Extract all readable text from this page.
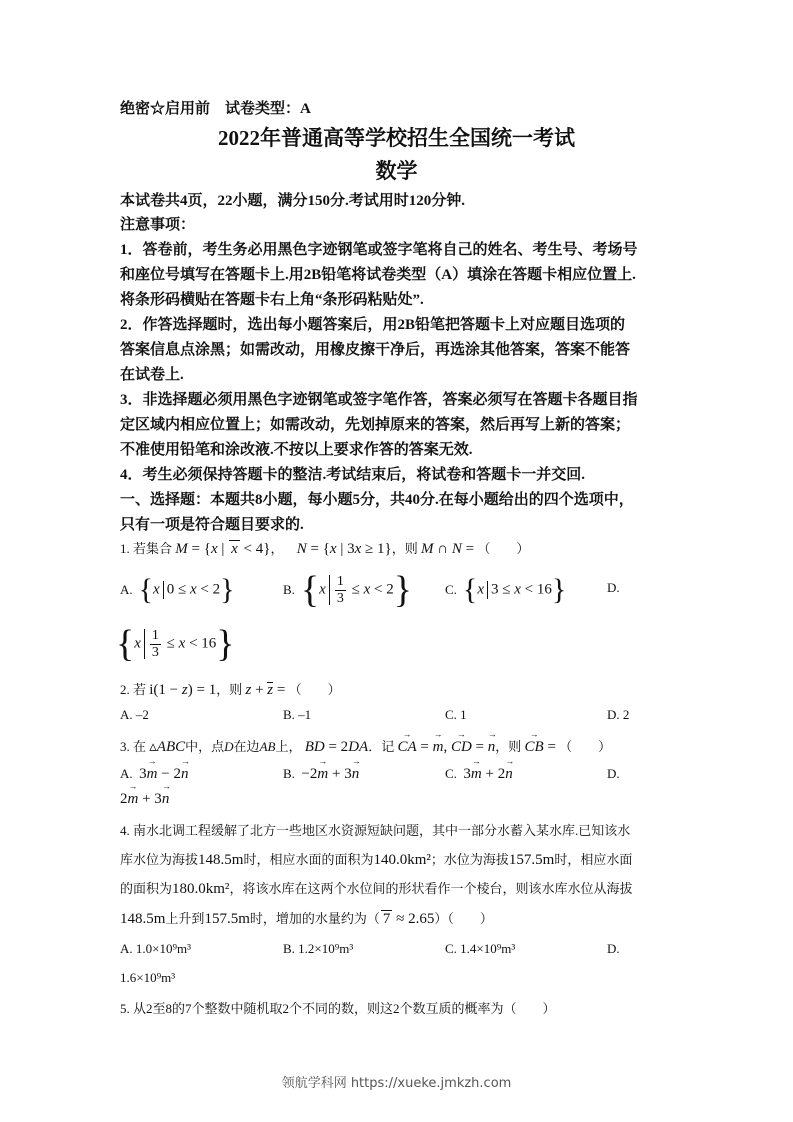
绝密☆启用前　试卷类型：A
2022年普通高等学校招生全国统一考试
数学
本试卷共4页，22小题，满分150分.考试用时120分钟.
注意事项：
1．答卷前，考生务必用黑色字迹钢笔或签字笔将自己的姓名、考生号、考场号
和座位号填写在答题卡上.用2B铅笔将试卷类型（A）填涂在答题卡相应位置上.
将条形码横贴在答题卡右上角“条形码粘贴处”.
2．作答选择题时，选出每小题答案后，用2B铅笔把答题卡上对应题目选项的
答案信息点涂黑；如需改动，用橡皮擦干净后，再选涂其他答案，答案不能答
在试卷上.
3．非选择题必须用黑色字迹钢笔或签字笔作答，答案必须写在答题卡各题目指
定区域内相应位置上；如需改动，先划掉原来的答案，然后再写上新的答案；
不准使用铅笔和涂改液.不按以上要求作答的答案无效.
4．考生必须保持答题卡的整洁.考试结束后，将试卷和答题卡一并交回.
一、选择题：本题共8小题，每小题5分，共40分.在每小题给出的四个选项中，
只有一项是符合题目要求的.
1. 若集合 M = {x | x < 4}， N = {x | 3x ≥ 1}，则 M ∩ N = （　　）
A. {x 0 ≤ x < 2}	B. $\{x \frac{1}{3} \le x < 2\}$	C. {x 3 ≤ x < 16}	D.
$\{x \frac{1}{3} \le x < 16\}$
2. 若 i(1 − z) = 1，则 z + z = （　　）
A. –2	B. –1	C. 1	D. 2
3. 在 ▵ABC中，点D在边AB上， BD = 2DA．记 → CA = → m, → CD = → n，则 → CB = （　　）
A. 3→ m − 2→ n	B. −2→ m + 3→ n	C. 3→ m + 2→ n	D.
2→ m + 3→ n
4. 南水北调工程缓解了北方一些地区水资源短缺问题，其中一部分水蓄入某水库.已知该水
库水位为海拔148.5m时，相应水面的面积为140.0km²；水位为海拔157.5m时，相应水面
的面积为180.0km²，将该水库在这两个水位间的形状看作一个棱台，则该水库水位从海拔
148.5m上升到157.5m时，增加的水量约为（ 7 ≈ 2.65）（　　）
A. 1.0×10⁹m³	B. 1.2×10⁹m³	C. 1.4×10⁹m³	D.
1.6×10⁹m³
5. 从2至8的7个整数中随机取2个不同的数，则这2个数互质的概率为（　　）
领航学科网 https://xueke.jmkzh.com
